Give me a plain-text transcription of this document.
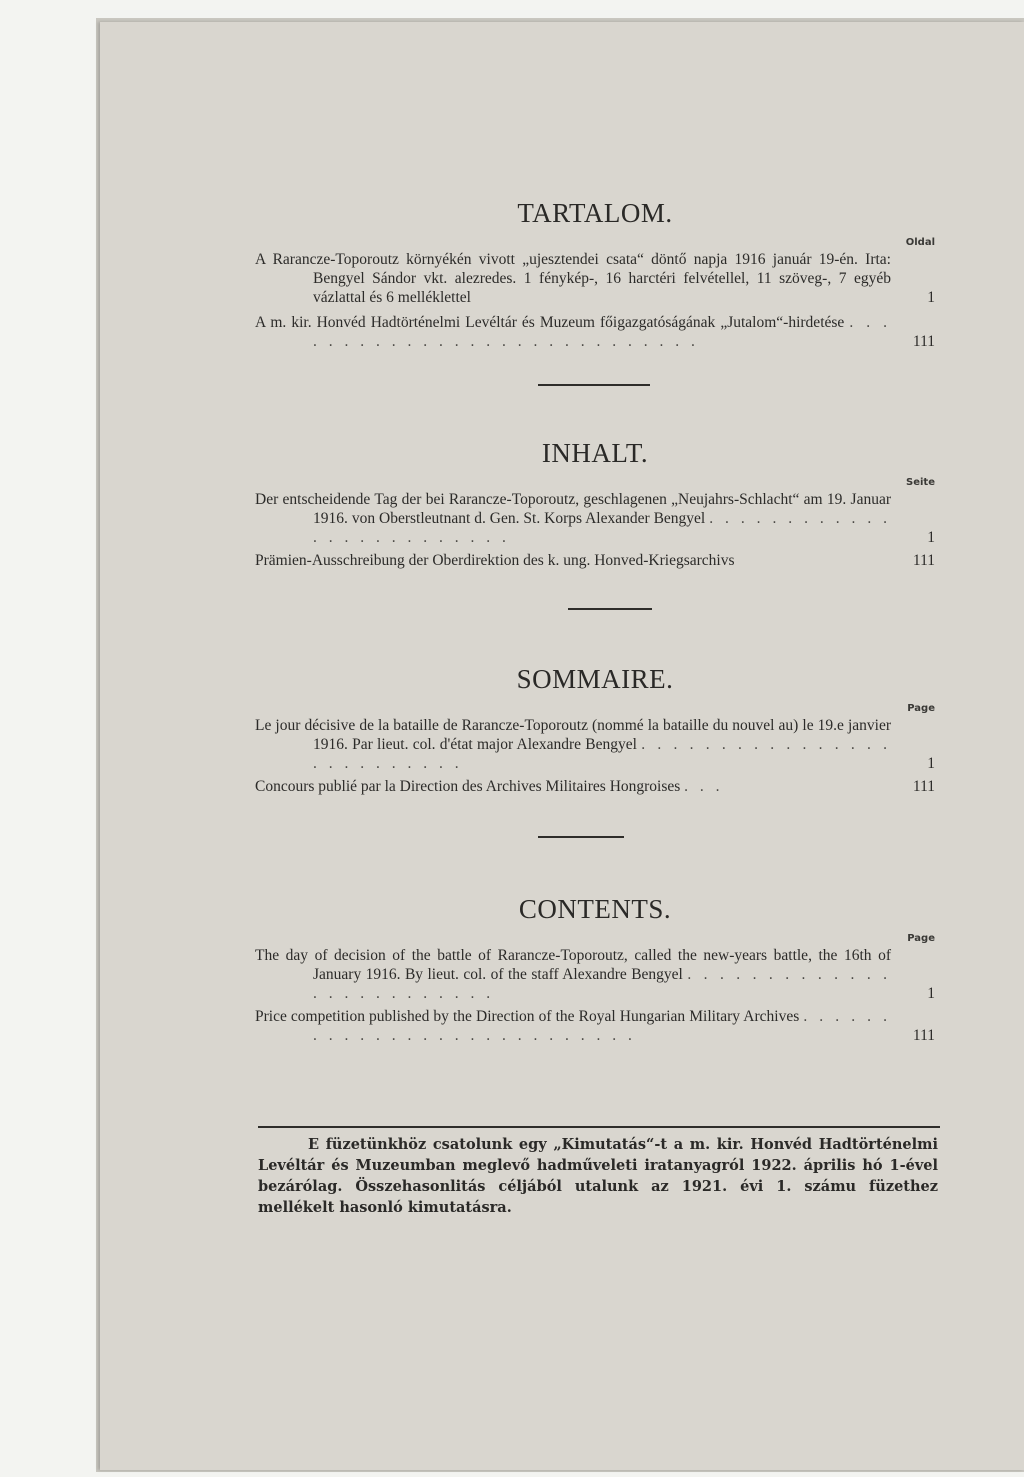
TARTALOM.
Oldal
A Rarancze-Toporoutz környékén vivott „ujesztendei csata“ döntő napja 1916 január 19-én. Irta: Bengyel Sándor vkt. alezredes. 1 fénykép-, 16 harctéri felvétellel, 11 szöveg-, 7 egyéb vázlattal és 6 melléklettel	1
A m. kir. Honvéd Hadtörténelmi Levéltár és Muzeum főigazgatóságának „Jutalom“-hirdetése . . . . . . . . . . . . . . . . . . . . . . . . . . . .	111
INHALT.
Seite
Der entscheidende Tag der bei Rarancze-Toporoutz, geschlagenen „Neujahrs-Schlacht“ am 19. Januar 1916. von Oberstleutnant d. Gen. St. Korps Alexander Bengyel . . . . . . . . . . . . . . . . . . . . . . . . .	1
Prämien-Ausschreibung der Oberdirektion des k. ung. Honved-Kriegsarchivs	111
SOMMAIRE.
Page
Le jour décisive de la bataille de Rarancze-Toporoutz (nommé la bataille du nouvel au) le 19.e janvier 1916. Par lieut. col. d'état major Alexandre Bengyel . . . . . . . . . . . . . . . . . . . . . . . . . .	1
Concours publié par la Direction des Archives Militaires Hongroises . . .	111
CONTENTS.
Page
The day of decision of the battle of Rarancze-Toporoutz, called the new-years battle, the 16th of January 1916. By lieut. col. of the staff Alexandre Bengyel . . . . . . . . . . . . . . . . . . . . . . . . .	1
Price competition published by the Direction of the Royal Hungarian Military Archives . . . . . . . . . . . . . . . . . . . . . . . . . . .	111

E füzetünkhöz csatolunk egy „Kimutatás“-t a m. kir. Honvéd Hadtörténelmi Levéltár és Muzeumban meglevő hadműveleti iratanyagról 1922. április hó 1-ével bezárólag. Összehasonlitás céljából utalunk az 1921. évi 1. számu füzethez mellékelt hasonló kimutatásra.
